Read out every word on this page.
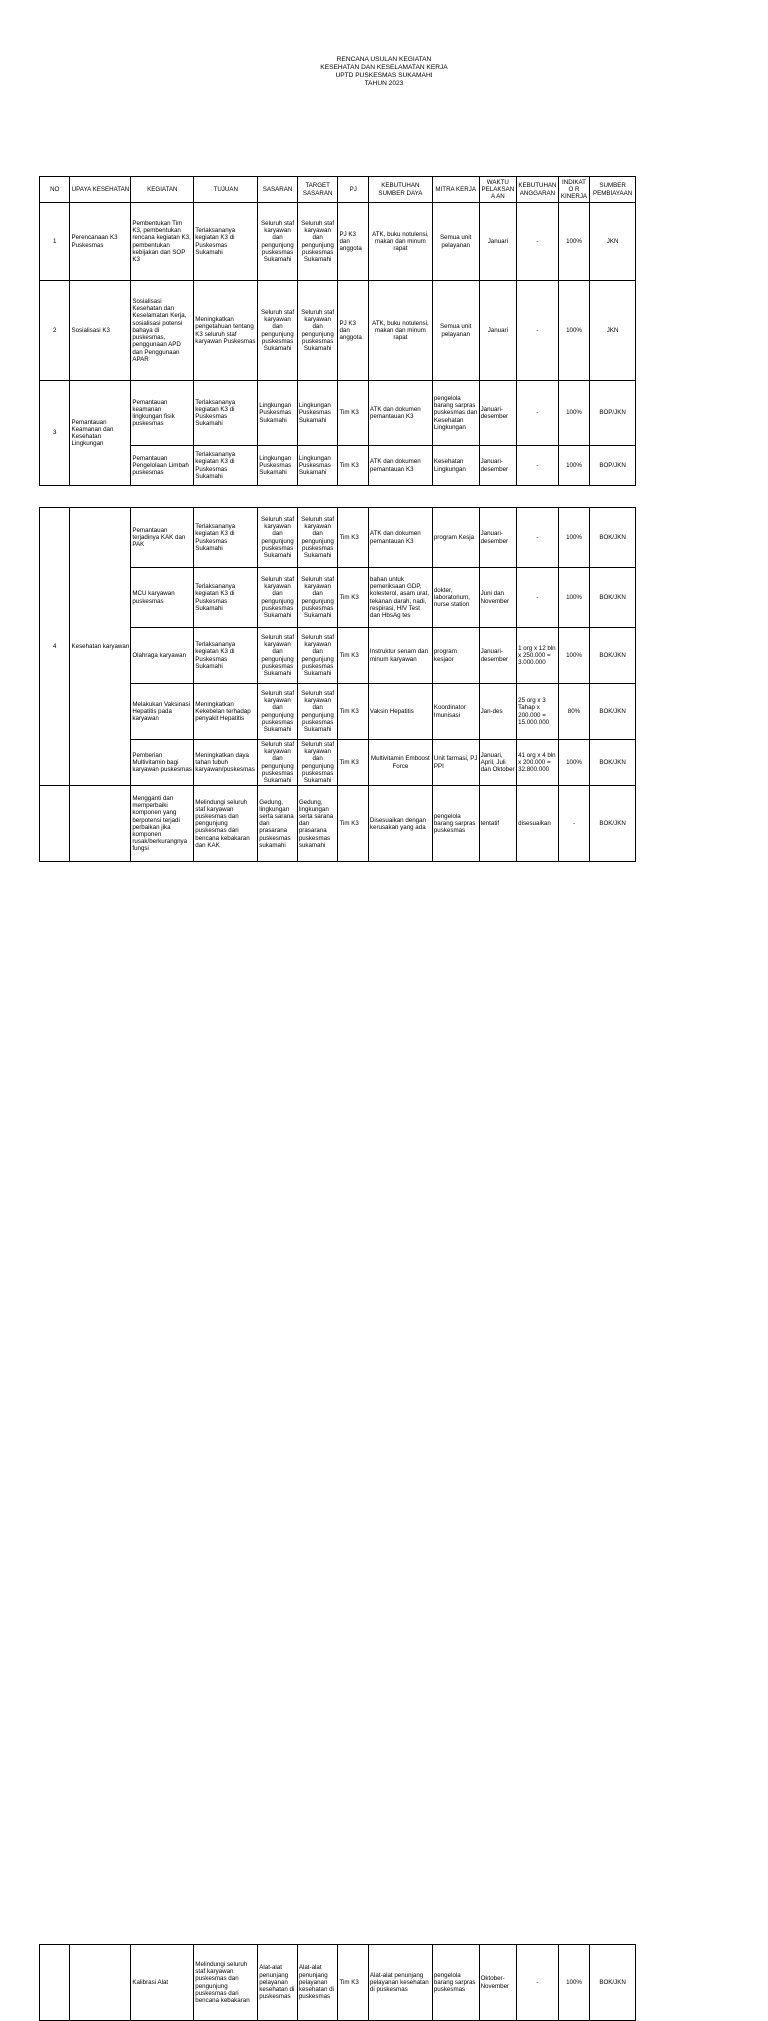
RENCANA USULAN KEGIATAN
KESEHATAN DAN KESELAMATAN KERJA
UPTD PUSKESMAS SUKAMAHI
TAHUN 2023
NO	UPAYA KESEHATAN	KEGIATAN	TUJUAN	SASARAN	TARGET SASARAN	PJ	KEBUTUHAN SUMBER DAYA	MITRA KERJA	WAKTU PELAKSANA AN	KEBUTUHAN ANGGARAN	INDIKATO R KINERJA	SUMBER PEMBIAYAAN
1	Perencanaan K3 Puskesmas	Pembentukan Tim K3, pembentukan rencana kegiatan K3, pembentukan kebijakan dan SOP K3	Terlaksananya kegiatan K3 di Puskesmas Sukamahi	Seluruh staf karyawan dan pengunjung puskesmas Sukamahi	Seluruh staf karyawan dan pengunjung puskesmas Sukamahi	PJ K3 dan anggota	ATK, buku notulensi, makan dan minum rapat	Semua unit pelayanan	Januari	-	100%	JKN
2	Sosialisasi K3	Sosialisasi Kesehatan dan Keselamatan Kerja, sosialisasi potensi bahaya di puskesmas, penggunaan APD dan Penggunaan APAR	Meningkatkan pengetahuan tentang K3 seluruh staf karyawan Puskesmas	Seluruh staf karyawan dan pengunjung puskesmas Sukamahi	Seluruh staf karyawan dan pengunjung puskesmas Sukamahi	PJ K3 dan anggota	ATK, buku notulensi, makan dan minum rapat	Semua unit pelayanan	Januari	-	100%	JKN
3	Pemantauan Keamanan dan Kesehatan Lingkungan	Pemantauan keamanan lingkungan fisik puskesmas	Terlaksananya kegiatan K3 di Puskesmas Sukamahi	Lingkungan Puskesmas Sukamahi	Lingkungan Puskesmas Sukamahi	Tim K3	ATK dan dokumen pemantauan K3	pengelola barang sarpras puskesmas dan Kesehatan Lingkungan	Januari-desember	-	100%	BOP/JKN
		Pemantauan Pengelolaan Limbah puskesmas	Terlaksananya kegiatan K3 di Puskesmas Sukamahi	Lingkungan Puskesmas Sukamahi	Lingkungan Puskesmas Sukamahi	Tim K3	ATK dan dokumen pemantauan K3	Kesehatan Lingkungan	Januari-desember	-	100%	BOP/JKN
4	Kesehatan karyawan	Pemantauan terjadinya KAK dan PAK	Terlaksananya kegiatan K3 di Puskesmas Sukamahi	Seluruh staf karyawan dan pengunjung puskesmas Sukamahi	Seluruh staf karyawan dan pengunjung puskesmas Sukamahi	Tim K3	ATK dan dokumen pemantauan K3	program Kesja	Januari-desember	-	100%	BOK/JKN
		MCU karyawan puskesmas	Terlaksananya kegiatan K3 di Puskesmas Sukamahi	Seluruh staf karyawan dan pengunjung puskesmas Sukamahi	Seluruh staf karyawan dan pengunjung puskesmas Sukamahi	Tim K3	bahan untuk pemeriksaan GDP, kolesterol, asam urat, tekanan darah, nadi, respirasi, HIV Test dan HbsAg tes	dokter, laboratorium, nurse station	Juni dan November	-	100%	BOK/JKN
		Olahraga karyawan	Terlaksananya kegiatan K3 di Puskesmas Sukamahi	Seluruh staf karyawan dan pengunjung puskesmas Sukamahi	Seluruh staf karyawan dan pengunjung puskesmas Sukamahi	Tim K3	Instruktur senam dan minum karyawan	program kesjaor	Januari-desember	1 org x 12 bln x 250.000 = 3.000.000	100%	BOK/JKN
		Melakukan Vaksinasi Hepatitis pada karyawan	Meningkatkan Kekebelan terhadap penyakit Hepatitis	Seluruh staf karyawan dan pengunjung puskesmas Sukamahi	Seluruh staf karyawan dan pengunjung puskesmas Sukamahi	Tim K3	Vaksin Hepatitis	Koordinator Imunisasi	Jan-des	25 org x 3 Tahap x 200.000 = 15.000.000	80%	BOK/JKN
		Pemberian Multivitamin bagi karyawan puskesmas	Meningkatkan daya tahan tubuh karyawan/puskesmas	Seluruh staf karyawan dan pengunjung puskesmas Sukamahi	Seluruh staf karyawan dan pengunjung puskesmas Sukamahi	Tim K3	Multivitamin Emboost Force	Unit farmasi, PJ PPI	Januari, April, Juli dan Oktober	41 org x 4 bln x 200.000 = 32.800.000	100%	BOK/JKN
		Mengganti dan memperbaiki komponen yang berpotensi terjadi perbaikan jika komponen rusak/berkurangnya fungsi	Melindungi seluruh staf karyawan puskesmas dan pengunjung puskesmas dari bencana kebakaran dan KAK	Gedung, lingkungan serta sarana dan prasarana puskesmas sukamahi	Gedung, lingkungan serta sarana dan prasarana puskesmas sukamahi	Tim K3	Disesuaikan dengan kerusakan yang ada	pengelola barang sarpras puskesmas	tentatif	disesuaikan	-	BOK/JKN
		Kalibrasi Alat	Melindungi seluruh staf karyawan puskesmas dan pengunjung puskesmas dari bencana kebakaran	Alat-alat penunjang pelayanan kesehatan di puskesmas	Alat-alat penunjang pelayanan kesehatan di puskesmas	Tim K3	Alat-alat penunjang pelayanan kesehatan di puskesmas	pengelola barang sarpras puskesmas	Oktober-November	-	100%	BOK/JKN
